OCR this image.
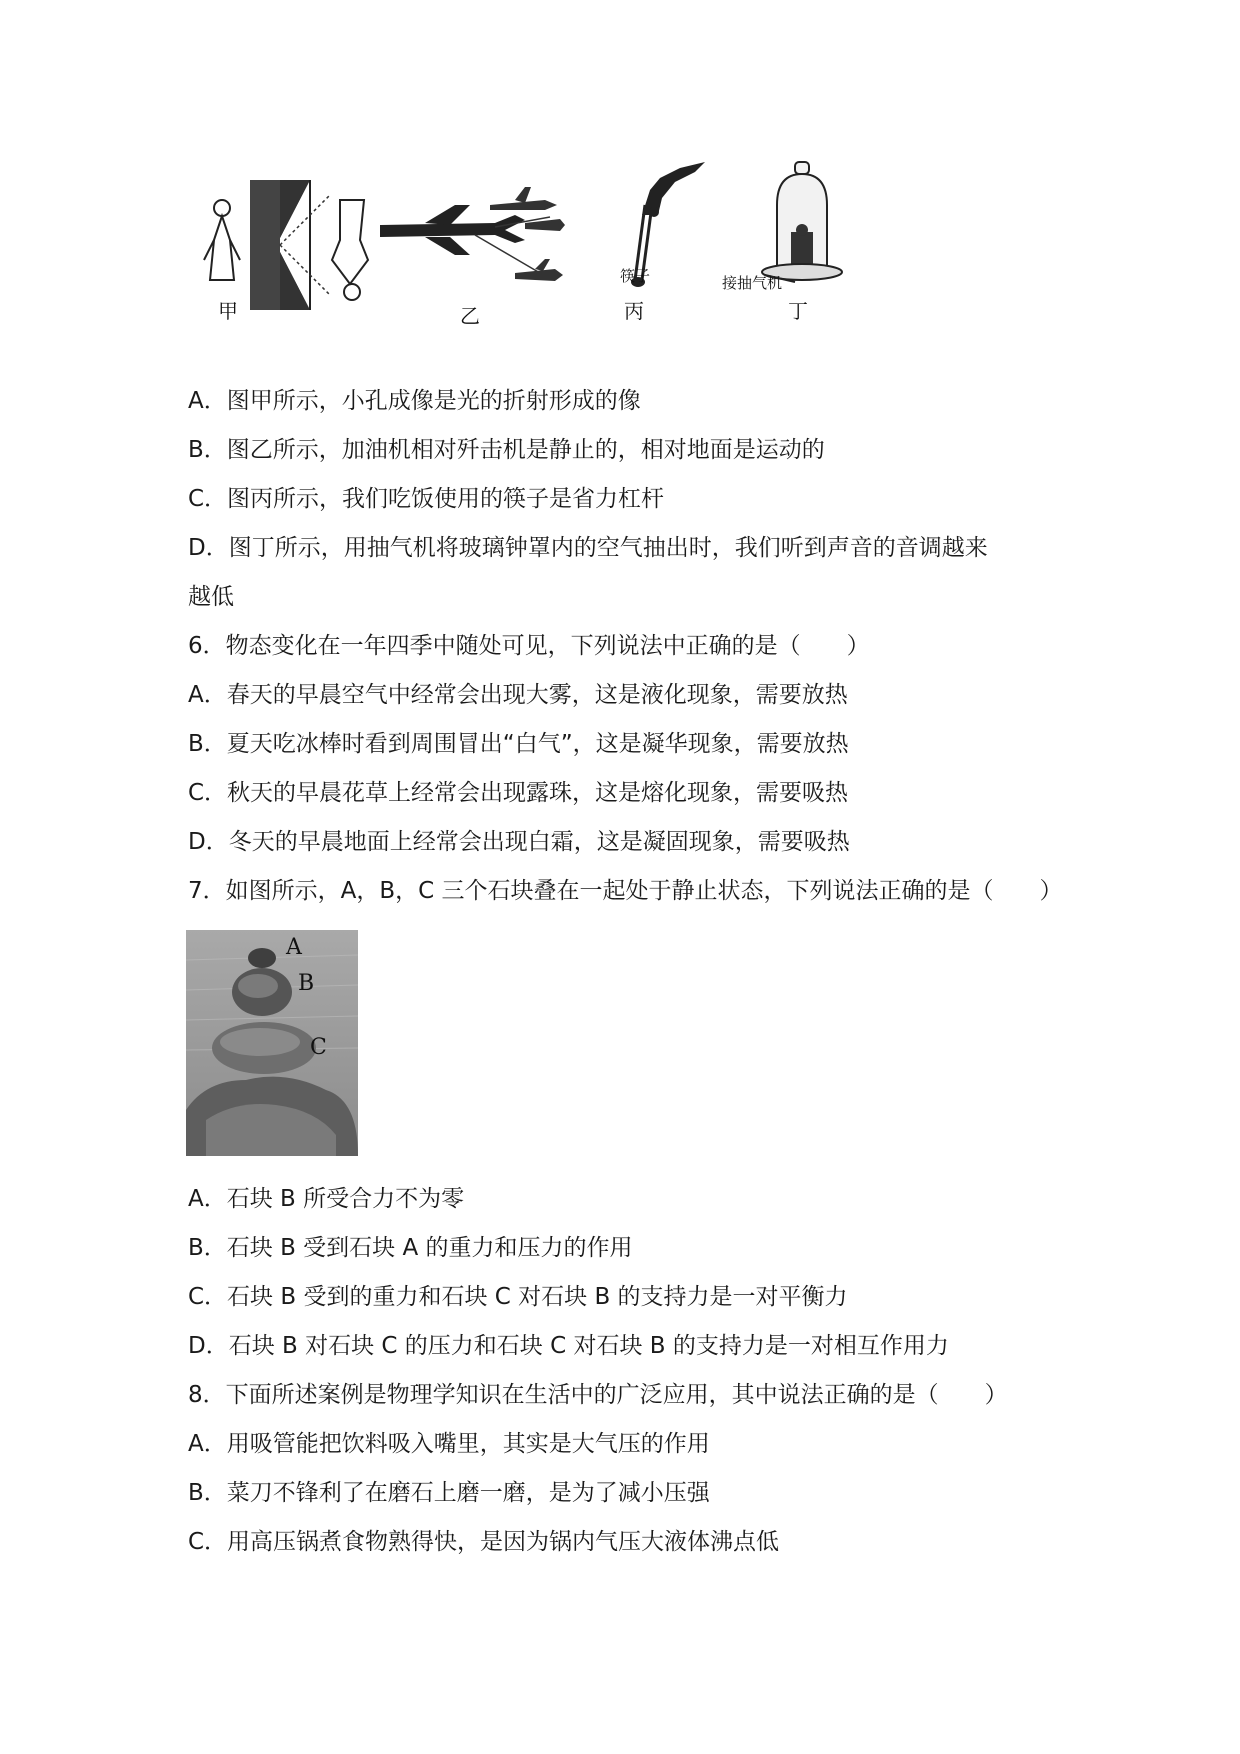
甲	乙
筷子
丙
接抽气机
丁
A．图甲所示，小孔成像是光的折射形成的像
B．图乙所示，加油机相对歼击机是静止的，相对地面是运动的
C．图丙所示，我们吃饭使用的筷子是省力杠杆
D．图丁所示，用抽气机将玻璃钟罩内的空气抽出时，我们听到声音的音调越来
越低
6．物态变化在一年四季中随处可见，下列说法中正确的是（　　）
A．春天的早晨空气中经常会出现大雾，这是液化现象，需要放热
B．夏天吃冰棒时看到周围冒出“白气”，这是凝华现象，需要放热
C．秋天的早晨花草上经常会出现露珠，这是熔化现象，需要吸热
D．冬天的早晨地面上经常会出现白霜，这是凝固现象，需要吸热
7．如图所示，A，B，C 三个石块叠在一起处于静止状态，下列说法正确的是（　　）
A
B
C
A．石块 B 所受合力不为零
B．石块 B 受到石块 A 的重力和压力的作用
C．石块 B 受到的重力和石块 C 对石块 B 的支持力是一对平衡力
D．石块 B 对石块 C 的压力和石块 C 对石块 B 的支持力是一对相互作用力
8．下面所述案例是物理学知识在生活中的广泛应用，其中说法正确的是（　　）
A．用吸管能把饮料吸入嘴里，其实是大气压的作用
B．菜刀不锋利了在磨石上磨一磨，是为了减小压强
C．用高压锅煮食物熟得快，是因为锅内气压大液体沸点低
